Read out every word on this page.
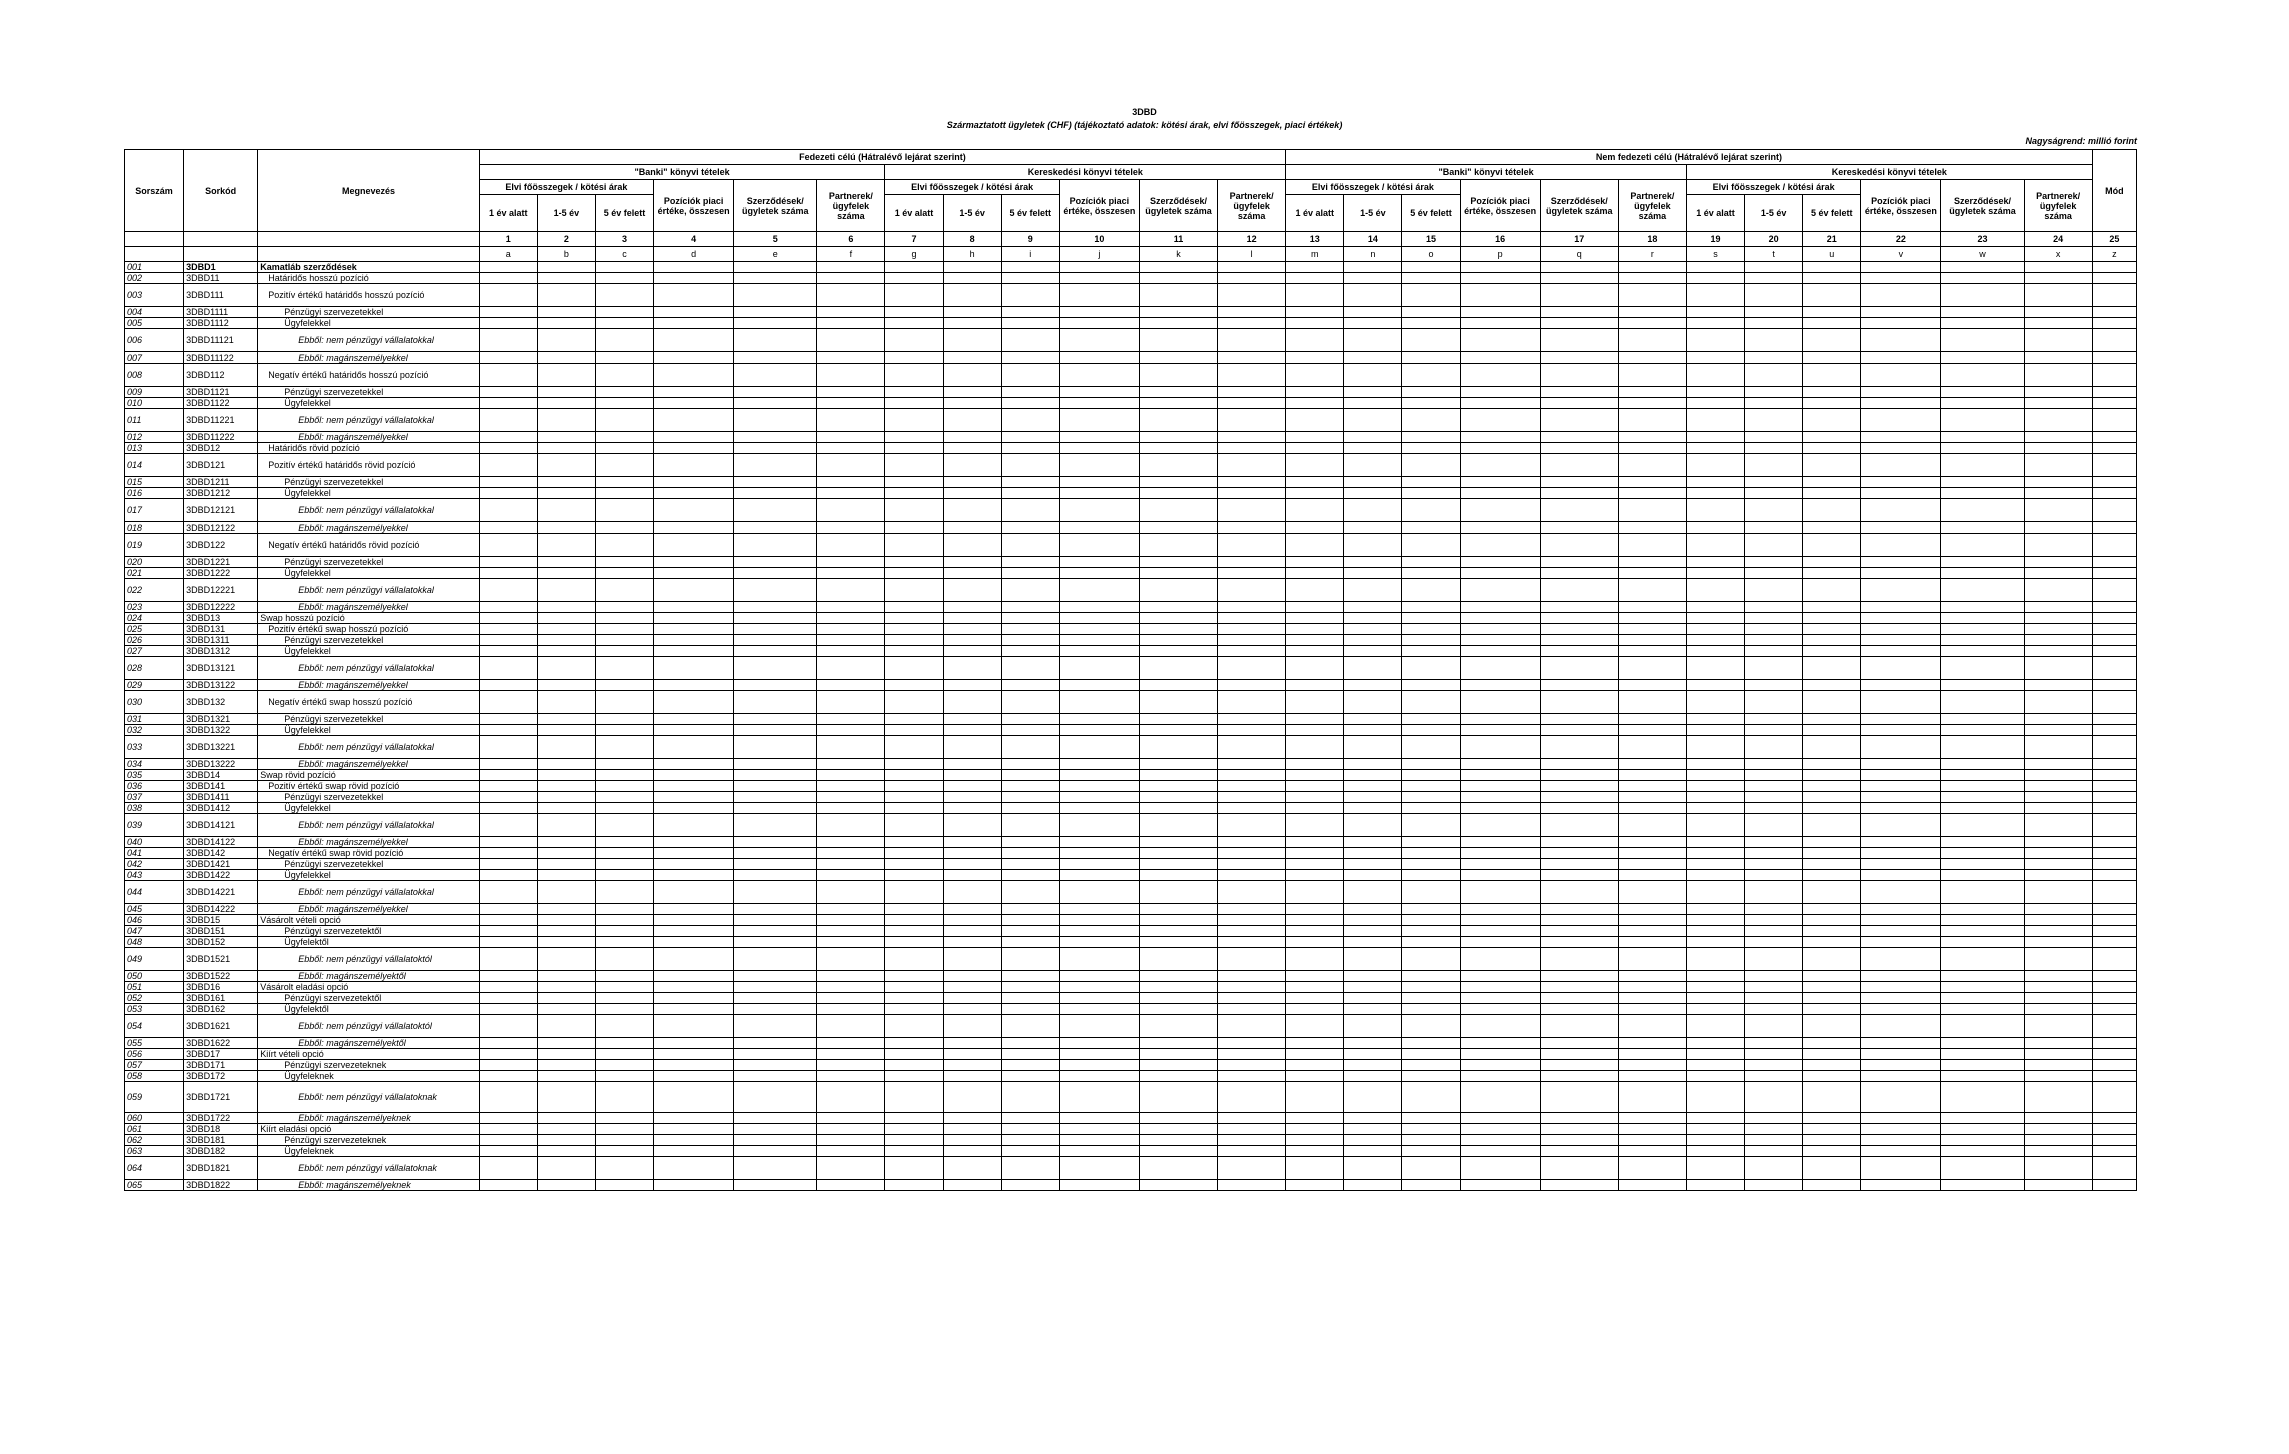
3DBD
Származtatott ügyletek (CHF) (tájékoztató adatok: kötési árak, elvi főösszegek, piaci értékek)
Nagyságrend: millió forint
Sorszám	Sorkód	Megnevezés	Fedezeti célú (Hátralévő lejárat szerint)												Nem fedezeti célú (Hátralévő lejárat szerint)												Mód
			"Banki" könyvi tételek						Kereskedési könyvi tételek						"Banki" könyvi tételek						Kereskedési könyvi tételek						
			Elvi főösszegek / kötési árak			Pozíciók piaci értéke, összesen	Szerződések/ ügyletek száma	Partnerek/ ügyfelek száma	Elvi főösszegek / kötési árak			Pozíciók piaci értéke, összesen	Szerződések/ ügyletek száma	Partnerek/ ügyfelek száma	Elvi főösszegek / kötési árak			Pozíciók piaci értéke, összesen	Szerződések/ ügyletek száma	Partnerek/ ügyfelek száma	Elvi főösszegek / kötési árak			Pozíciók piaci értéke, összesen	Szerződések/ ügyletek száma	Partnerek/ ügyfelek száma	
			1 év alatt	1-5 év	5 év felett				1 év alatt	1-5 év	5 év felett				1 év alatt	1-5 év	5 év felett				1 év alatt	1-5 év	5 év felett				
			1	2	3	4	5	6	7	8	9	10	11	12	13	14	15	16	17	18	19	20	21	22	23	24	25
			a	b	c	d	e	f	g	h	i	j	k	l	m	n	o	p	q	r	s	t	u	v	w	x	z
001	3DBD1	Kamatláb szerződések																									
002	3DBD11	Határidős hosszú pozíció																									
003	3DBD111	Pozitív értékű határidős hosszú pozíció																									
004	3DBD1111	Pénzügyi szervezetekkel																									
005	3DBD1112	Ügyfelekkel																									
006	3DBD11121	Ebből: nem pénzügyi vállalatokkal																									
007	3DBD11122	Ebből: magánszemélyekkel																									
008	3DBD112	Negatív értékű határidős hosszú pozíció																									
009	3DBD1121	Pénzügyi szervezetekkel																									
010	3DBD1122	Ügyfelekkel																									
011	3DBD11221	Ebből: nem pénzügyi vállalatokkal																									
012	3DBD11222	Ebből: magánszemélyekkel																									
013	3DBD12	Határidős rövid pozíció																									
014	3DBD121	Pozitív értékű határidős rövid pozíció																									
015	3DBD1211	Pénzügyi szervezetekkel																									
016	3DBD1212	Ügyfelekkel																									
017	3DBD12121	Ebből: nem pénzügyi vállalatokkal																									
018	3DBD12122	Ebből: magánszemélyekkel																									
019	3DBD122	Negatív értékű határidős rövid pozíció																									
020	3DBD1221	Pénzügyi szervezetekkel																									
021	3DBD1222	Ügyfelekkel																									
022	3DBD12221	Ebből: nem pénzügyi vállalatokkal																									
023	3DBD12222	Ebből: magánszemélyekkel																									
024	3DBD13	Swap hosszú pozíció																									
025	3DBD131	Pozitív értékű swap hosszú pozíció																									
026	3DBD1311	Pénzügyi szervezetekkel																									
027	3DBD1312	Ügyfelekkel																									
028	3DBD13121	Ebből: nem pénzügyi vállalatokkal																									
029	3DBD13122	Ebből: magánszemélyekkel																									
030	3DBD132	Negatív értékű swap hosszú pozíció																									
031	3DBD1321	Pénzügyi szervezetekkel																									
032	3DBD1322	Ügyfelekkel																									
033	3DBD13221	Ebből: nem pénzügyi vállalatokkal																									
034	3DBD13222	Ebből: magánszemélyekkel																									
035	3DBD14	Swap rövid pozíció																									
036	3DBD141	Pozitív értékű swap rövid pozíció																									
037	3DBD1411	Pénzügyi szervezetekkel																									
038	3DBD1412	Ügyfelekkel																									
039	3DBD14121	Ebből: nem pénzügyi vállalatokkal																									
040	3DBD14122	Ebből: magánszemélyekkel																									
041	3DBD142	Negatív értékű swap rövid pozíció																									
042	3DBD1421	Pénzügyi szervezetekkel																									
043	3DBD1422	Ügyfelekkel																									
044	3DBD14221	Ebből: nem pénzügyi vállalatokkal																									
045	3DBD14222	Ebből: magánszemélyekkel																									
046	3DBD15	Vásárolt vételi opció																									
047	3DBD151	Pénzügyi szervezetektől																									
048	3DBD152	Ügyfelektől																									
049	3DBD1521	Ebből: nem pénzügyi vállalatoktól																									
050	3DBD1522	Ebből: magánszemélyektől																									
051	3DBD16	Vásárolt eladási opció																									
052	3DBD161	Pénzügyi szervezetektől																									
053	3DBD162	Ügyfelektől																									
054	3DBD1621	Ebből: nem pénzügyi vállalatoktól																									
055	3DBD1622	Ebből: magánszemélyektől																									
056	3DBD17	Kiírt vételi opció																									
057	3DBD171	Pénzügyi szervezeteknek																									
058	3DBD172	Ügyfeleknek																									
059	3DBD1721	Ebből: nem pénzügyi vállalatoknak																									
060	3DBD1722	Ebből: magánszemélyeknek																									
061	3DBD18	Kiírt eladási opció																									
062	3DBD181	Pénzügyi szervezeteknek																									
063	3DBD182	Ügyfeleknek																									
064	3DBD1821	Ebből: nem pénzügyi vállalatoknak																									
065	3DBD1822	Ebből: magánszemélyeknek																									
